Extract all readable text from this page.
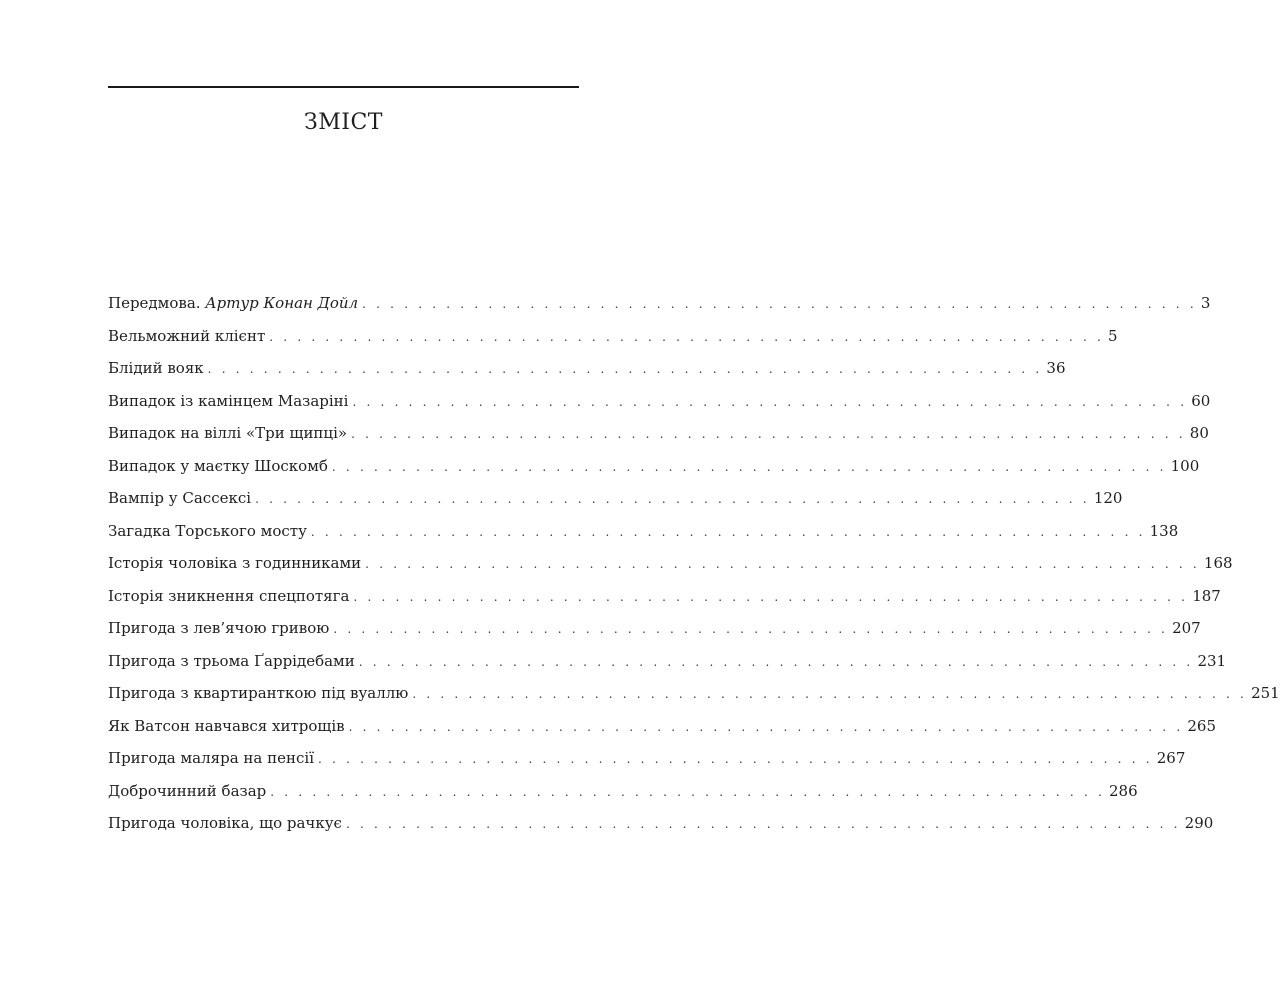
ЗМІСТ
Передмова. Артур Конан Дойл . . . . . . . . . . . . . . . . . . . . . . . . . . . . . . . . . . . . . . . . . . . . . . . . . . . . . . . . . . . . 3
Вельможний клієнт . . . . . . . . . . . . . . . . . . . . . . . . . . . . . . . . . . . . . . . . . . . . . . . . . . . . . . . . . . . . 5
Блідий вояк . . . . . . . . . . . . . . . . . . . . . . . . . . . . . . . . . . . . . . . . . . . . . . . . . . . . . . . . . . . . 36
Випадок із камінцем Мазаріні . . . . . . . . . . . . . . . . . . . . . . . . . . . . . . . . . . . . . . . . . . . . . . . . . . . . . . . . . . . . 60
Випадок на віллі «Три щипці» . . . . . . . . . . . . . . . . . . . . . . . . . . . . . . . . . . . . . . . . . . . . . . . . . . . . . . . . . . . . 80
Випадок у маєтку Шоскомб . . . . . . . . . . . . . . . . . . . . . . . . . . . . . . . . . . . . . . . . . . . . . . . . . . . . . . . . . . . . 100
Вампір у Сассексі . . . . . . . . . . . . . . . . . . . . . . . . . . . . . . . . . . . . . . . . . . . . . . . . . . . . . . . . . . . . 120
Загадка Торського мосту . . . . . . . . . . . . . . . . . . . . . . . . . . . . . . . . . . . . . . . . . . . . . . . . . . . . . . . . . . . . 138
Історія чоловіка з годинниками . . . . . . . . . . . . . . . . . . . . . . . . . . . . . . . . . . . . . . . . . . . . . . . . . . . . . . . . . . . . 168
Історія зникнення спецпотяга . . . . . . . . . . . . . . . . . . . . . . . . . . . . . . . . . . . . . . . . . . . . . . . . . . . . . . . . . . . . 187
Пригода з лев’ячою гривою . . . . . . . . . . . . . . . . . . . . . . . . . . . . . . . . . . . . . . . . . . . . . . . . . . . . . . . . . . . . 207
Пригода з трьома Ґаррідебами . . . . . . . . . . . . . . . . . . . . . . . . . . . . . . . . . . . . . . . . . . . . . . . . . . . . . . . . . . . . 231
Пригода з квартиранткою під вуаллю . . . . . . . . . . . . . . . . . . . . . . . . . . . . . . . . . . . . . . . . . . . . . . . . . . . . . . . . . . . . 251
Як Ватсон навчався хитрощів . . . . . . . . . . . . . . . . . . . . . . . . . . . . . . . . . . . . . . . . . . . . . . . . . . . . . . . . . . . . 265
Пригода маляра на пенсії . . . . . . . . . . . . . . . . . . . . . . . . . . . . . . . . . . . . . . . . . . . . . . . . . . . . . . . . . . . . 267
Доброчинний базар . . . . . . . . . . . . . . . . . . . . . . . . . . . . . . . . . . . . . . . . . . . . . . . . . . . . . . . . . . . . 286
Пригода чоловіка, що рачкує . . . . . . . . . . . . . . . . . . . . . . . . . . . . . . . . . . . . . . . . . . . . . . . . . . . . . . . . . . . . 290
